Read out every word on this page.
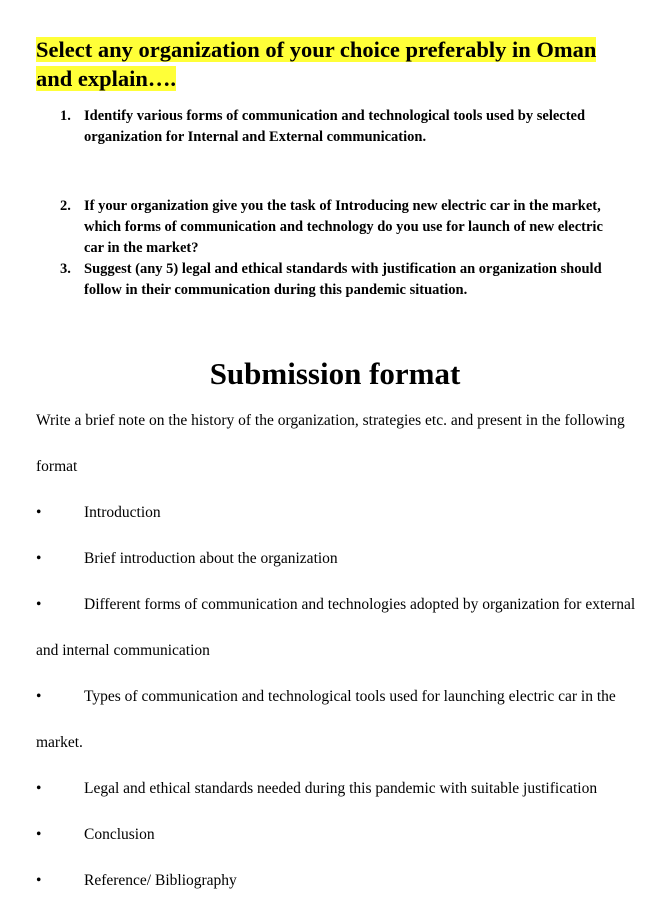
Select any organization of your choice preferably in Oman
and explain….
1. Identify various forms of communication and technological tools used by selected
organization for Internal and External communication.
2. If your organization give you the task of Introducing new electric car in the market,
which forms of communication and technology do you use for launch of new electric
car in the market?
3. Suggest (any 5) legal and ethical standards with justification an organization should
follow in their communication during this pandemic situation.
Submission format
Write a brief note on the history of the organization, strategies etc. and present in the following
format
•	Introduction
•	Brief introduction about the organization
•	Different forms of communication and technologies adopted by organization for external
and internal communication
•	Types of communication and technological tools used for launching electric car in the
market.
•	Legal and ethical standards needed during this pandemic with suitable justification
•	Conclusion
•	Reference/ Bibliography
